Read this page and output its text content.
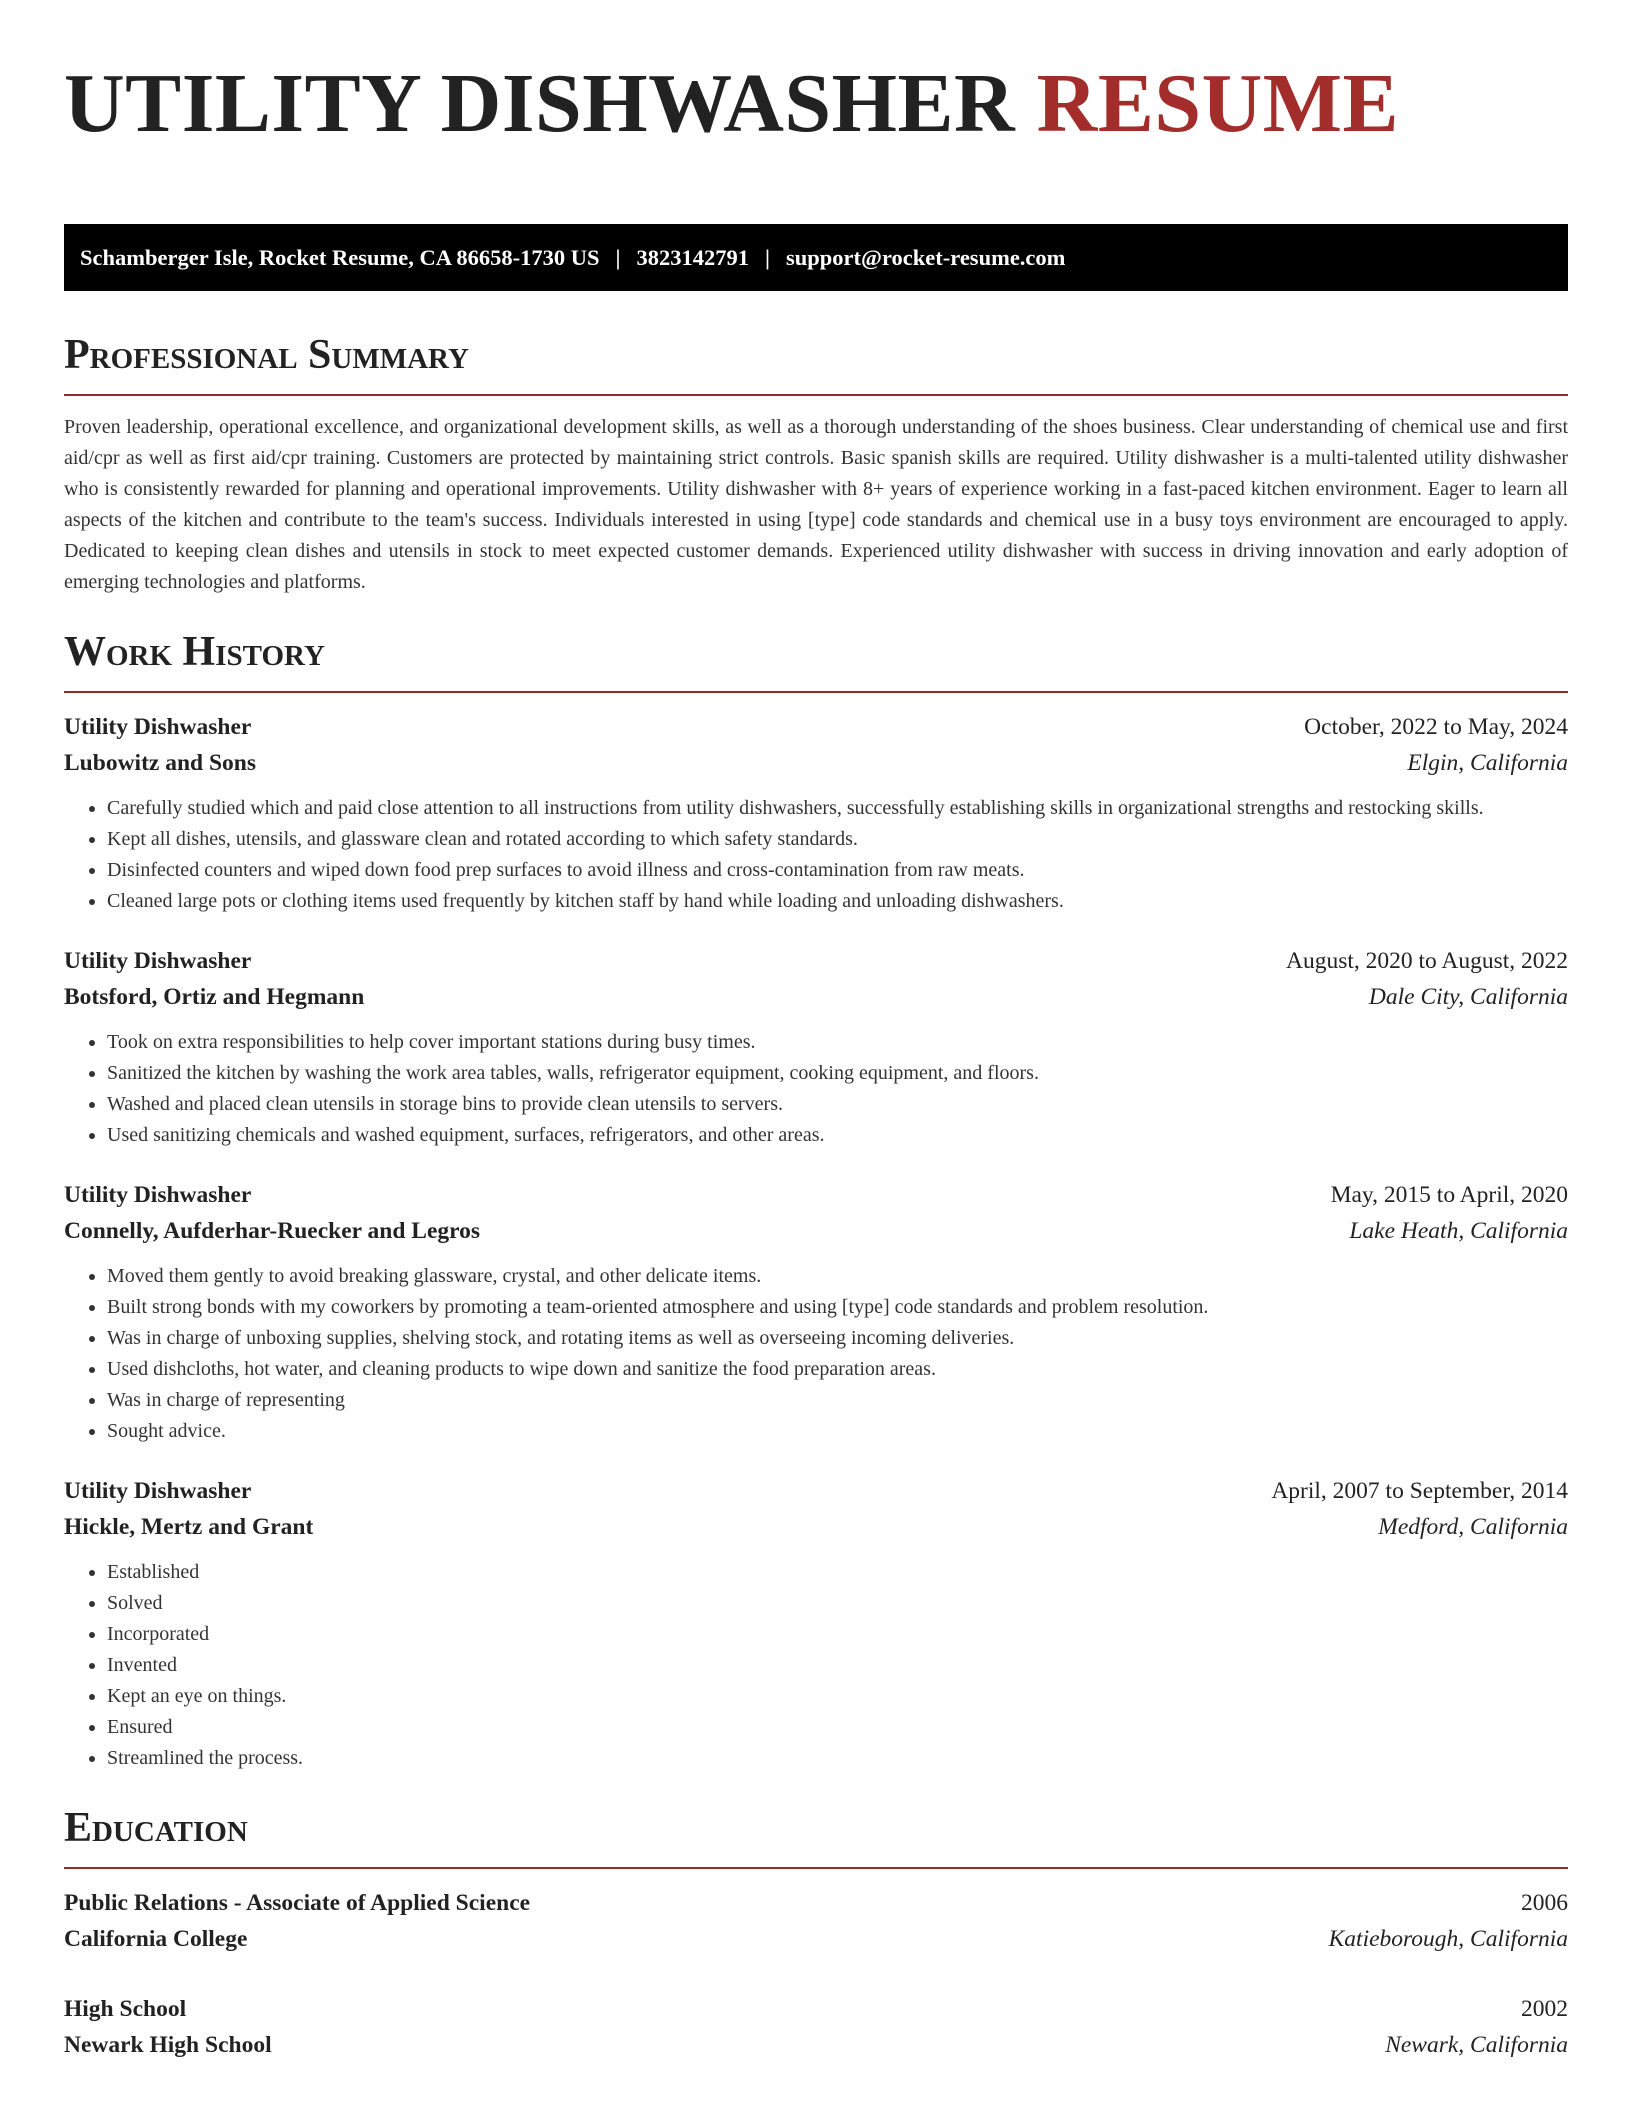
UTILITY DISHWASHER RESUME
Schamberger Isle, Rocket Resume, CA 86658-1730 US | 3823142791 | support@rocket-resume.com
Professional Summary

Proven leadership, operational excellence, and organizational development skills, as well as a thorough understanding of the shoes business. Clear understanding of chemical use and first aid/cpr as well as first aid/cpr training. Customers are protected by maintaining strict controls. Basic spanish skills are required. Utility dishwasher is a multi-talented utility dishwasher who is consistently rewarded for planning and operational improvements. Utility dishwasher with 8+ years of experience working in a fast-paced kitchen environment. Eager to learn all aspects of the kitchen and contribute to the team's success. Individuals interested in using [type] code standards and chemical use in a busy toys environment are encouraged to apply. Dedicated to keeping clean dishes and utensils in stock to meet expected customer demands. Experienced utility dishwasher with success in driving innovation and early adoption of emerging technologies and platforms.

Work History
Utility Dishwasher	October, 2022 to May, 2024
Lubowitz and Sons	Elgin, California
• Carefully studied which and paid close attention to all instructions from utility dishwashers, successfully establishing skills in organizational strengths and restocking skills.
• Kept all dishes, utensils, and glassware clean and rotated according to which safety standards.
• Disinfected counters and wiped down food prep surfaces to avoid illness and cross-contamination from raw meats.
• Cleaned large pots or clothing items used frequently by kitchen staff by hand while loading and unloading dishwashers.
Utility Dishwasher	August, 2020 to August, 2022
Botsford, Ortiz and Hegmann	Dale City, California
• Took on extra responsibilities to help cover important stations during busy times.
• Sanitized the kitchen by washing the work area tables, walls, refrigerator equipment, cooking equipment, and floors.
• Washed and placed clean utensils in storage bins to provide clean utensils to servers.
• Used sanitizing chemicals and washed equipment, surfaces, refrigerators, and other areas.
Utility Dishwasher	May, 2015 to April, 2020
Connelly, Aufderhar-Ruecker and Legros	Lake Heath, California
• Moved them gently to avoid breaking glassware, crystal, and other delicate items.
• Built strong bonds with my coworkers by promoting a team-oriented atmosphere and using [type] code standards and problem resolution.
• Was in charge of unboxing supplies, shelving stock, and rotating items as well as overseeing incoming deliveries.
• Used dishcloths, hot water, and cleaning products to wipe down and sanitize the food preparation areas.
• Was in charge of representing
• Sought advice.
Utility Dishwasher	April, 2007 to September, 2014
Hickle, Mertz and Grant	Medford, California
• Established
• Solved
• Incorporated
• Invented
• Kept an eye on things.
• Ensured
• Streamlined the process.
Education
Public Relations - Associate of Applied Science	2006
California College	Katieborough, California
High School	2002
Newark High School	Newark, California
